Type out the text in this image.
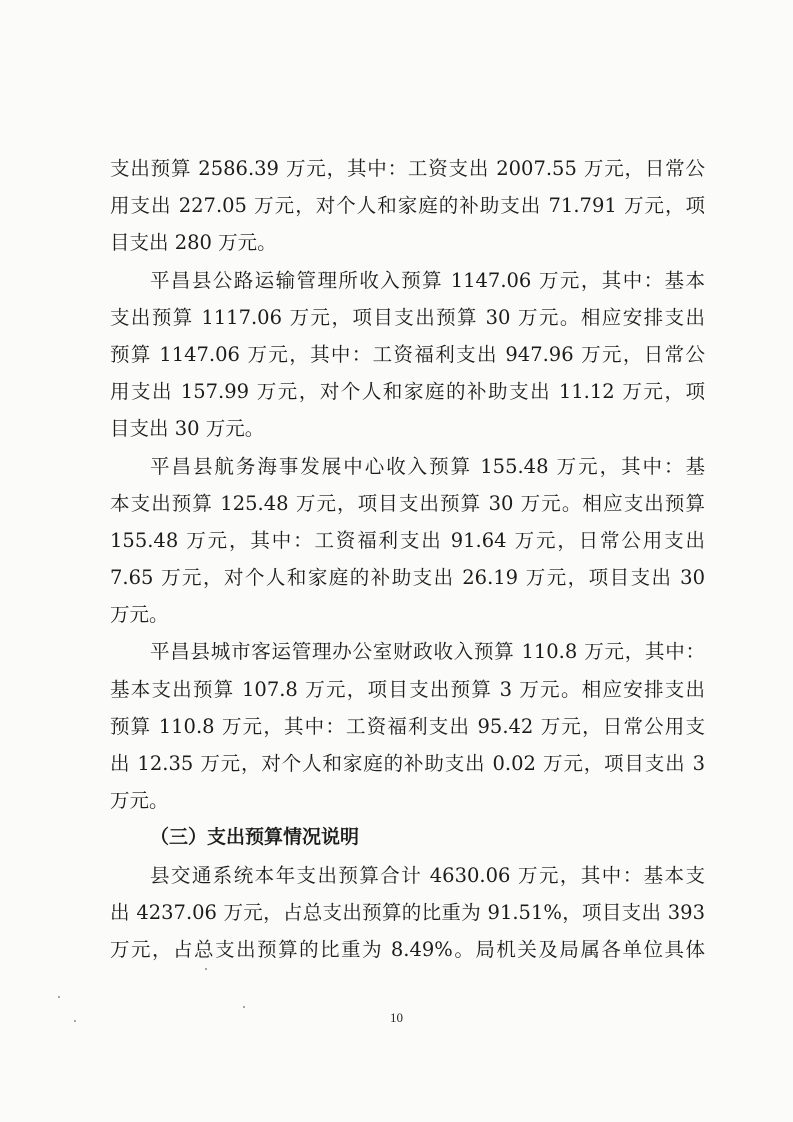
支出预算 2586.39 万元，其中：工资支出 2007.55 万元，日常公
用支出 227.05 万元，对个人和家庭的补助支出 71.791 万元，项
目支出 280 万元。
平昌县公路运输管理所收入预算 1147.06 万元，其中：基本
支出预算 1117.06 万元，项目支出预算 30 万元。相应安排支出
预算 1147.06 万元，其中：工资福利支出 947.96 万元，日常公
用支出 157.99 万元，对个人和家庭的补助支出 11.12 万元，项
目支出 30 万元。
平昌县航务海事发展中心收入预算 155.48 万元，其中：基
本支出预算 125.48 万元，项目支出预算 30 万元。相应支出预算
155.48 万元，其中：工资福利支出 91.64 万元，日常公用支出
7.65 万元，对个人和家庭的补助支出 26.19 万元，项目支出 30
万元。
平昌县城市客运管理办公室财政收入预算 110.8 万元，其中：
基本支出预算 107.8 万元，项目支出预算 3 万元。相应安排支出
预算 110.8 万元，其中：工资福利支出 95.42 万元，日常公用支
出 12.35 万元，对个人和家庭的补助支出 0.02 万元，项目支出 3
万元。
（三）支出预算情况说明
县交通系统本年支出预算合计 4630.06 万元，其中：基本支
出 4237.06 万元，占总支出预算的比重为 91.51%，项目支出 393
万元，占总支出预算的比重为 8.49%。局机关及局属各单位具体
10
